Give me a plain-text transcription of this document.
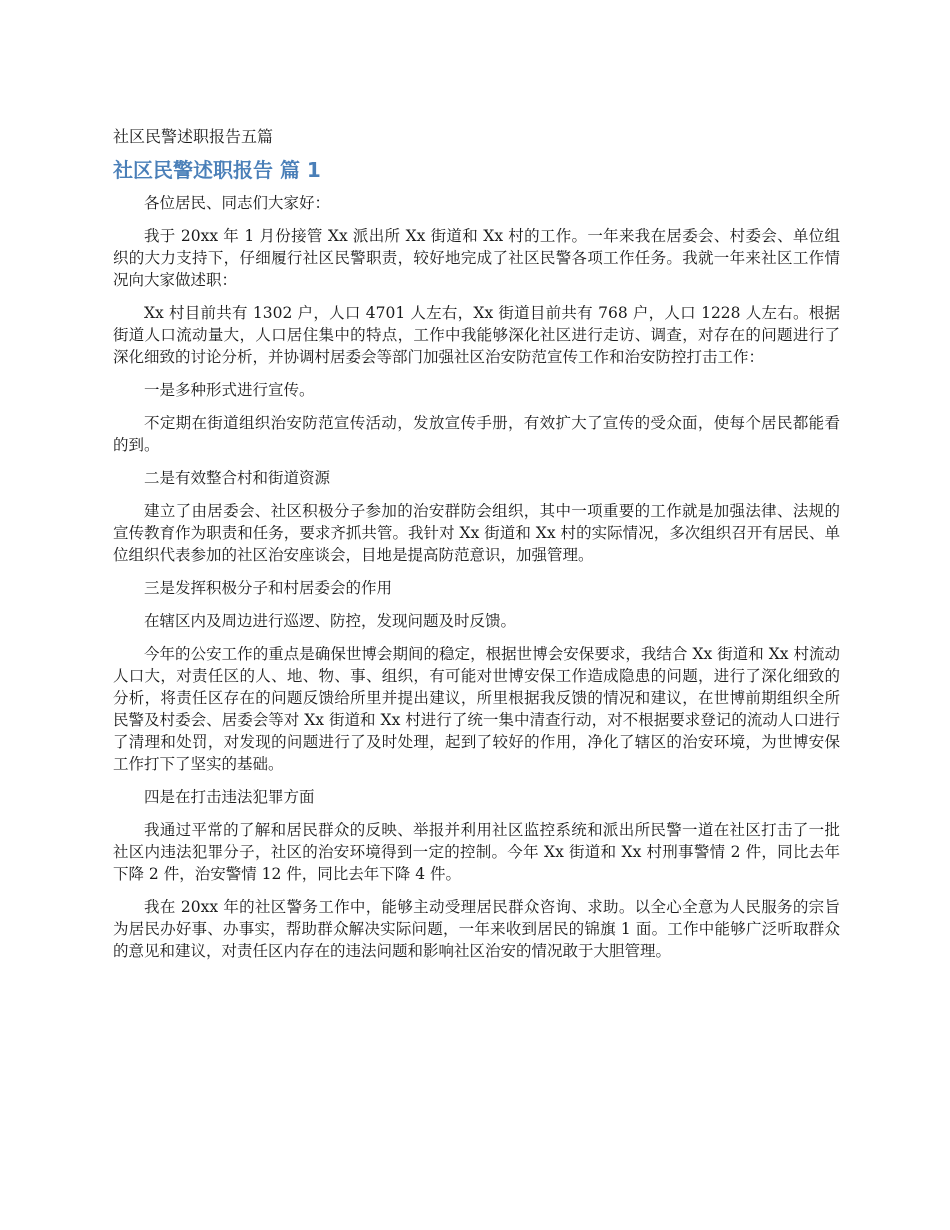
社区民警述职报告五篇
社区民警述职报告 篇 1

各位居民、同志们大家好：

我于 20xx 年 1 月份接管 Xx 派出所 Xx 街道和 Xx 村的工作。一年来我在居委会、村委会、单位组织的大力支持下，仔细履行社区民警职责，较好地完成了社区民警各项工作任务。我就一年来社区工作情况向大家做述职：

Xx 村目前共有 1302 户，人口 4701 人左右，Xx 街道目前共有 768 户，人口 1228 人左右。根据街道人口流动量大，人口居住集中的特点，工作中我能够深化社区进行走访、调查，对存在的问题进行了深化细致的讨论分析，并协调村居委会等部门加强社区治安防范宣传工作和治安防控打击工作：

一是多种形式进行宣传。

不定期在街道组织治安防范宣传活动，发放宣传手册，有效扩大了宣传的受众面，使每个居民都能看的到。

二是有效整合村和街道资源

建立了由居委会、社区积极分子参加的治安群防会组织，其中一项重要的工作就是加强法律、法规的宣传教育作为职责和任务，要求齐抓共管。我针对 Xx 街道和 Xx 村的实际情况，多次组织召开有居民、单位组织代表参加的社区治安座谈会，目地是提高防范意识，加强管理。

三是发挥积极分子和村居委会的作用

在辖区内及周边进行巡逻、防控，发现问题及时反馈。

今年的公安工作的重点是确保世博会期间的稳定，根据世博会安保要求，我结合 Xx 街道和 Xx 村流动人口大，对责任区的人、地、物、事、组织，有可能对世博安保工作造成隐患的问题，进行了深化细致的分析，将责任区存在的问题反馈给所里并提出建议，所里根据我反馈的情况和建议，在世博前期组织全所民警及村委会、居委会等对 Xx 街道和 Xx 村进行了统一集中清查行动，对不根据要求登记的流动人口进行了清理和处罚，对发现的问题进行了及时处理，起到了较好的作用，净化了辖区的治安环境，为世博安保工作打下了坚实的基础。

四是在打击违法犯罪方面

我通过平常的了解和居民群众的反映、举报并利用社区监控系统和派出所民警一道在社区打击了一批社区内违法犯罪分子，社区的治安环境得到一定的控制。今年 Xx 街道和 Xx 村刑事警情 2 件，同比去年下降 2 件，治安警情 12 件，同比去年下降 4 件。

我在 20xx 年的社区警务工作中，能够主动受理居民群众咨询、求助。以全心全意为人民服务的宗旨为居民办好事、办事实，帮助群众解决实际问题，一年来收到居民的锦旗 1 面。工作中能够广泛听取群众的意见和建议，对责任区内存在的违法问题和影响社区治安的情况敢于大胆管理。
